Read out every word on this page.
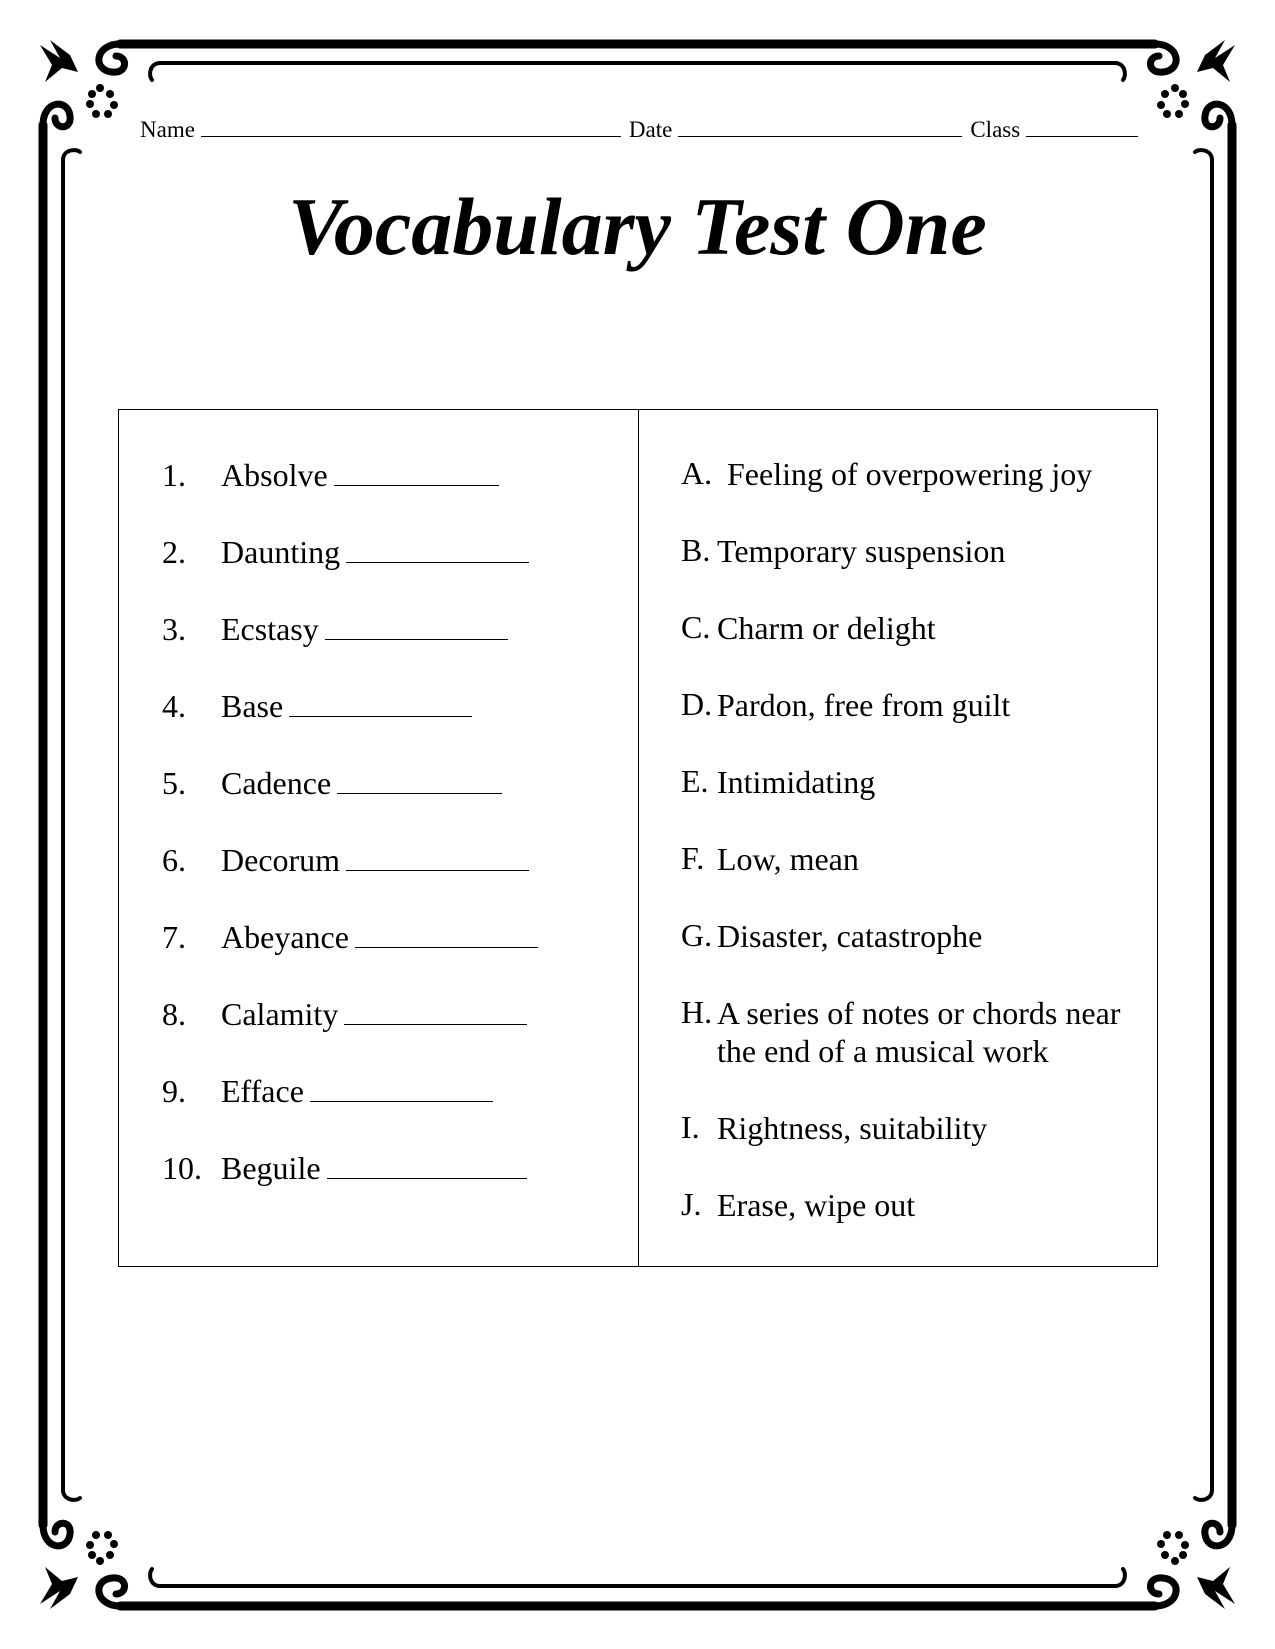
Name	Date	Class
Vocabulary Test One
1. Absolve
2. Daunting
3. Ecstasy
4. Base
5. Cadence
6. Decorum
7. Abeyance
8. Calamity
9. Efface
10. Beguile
A. Feeling of overpowering joy
B. Temporary suspension
C. Charm or delight
D. Pardon, free from guilt
E. Intimidating
F. Low, mean
G. Disaster, catastrophe
H. A series of notes or chords near the end of a musical work
I. Rightness, suitability
J. Erase, wipe out
